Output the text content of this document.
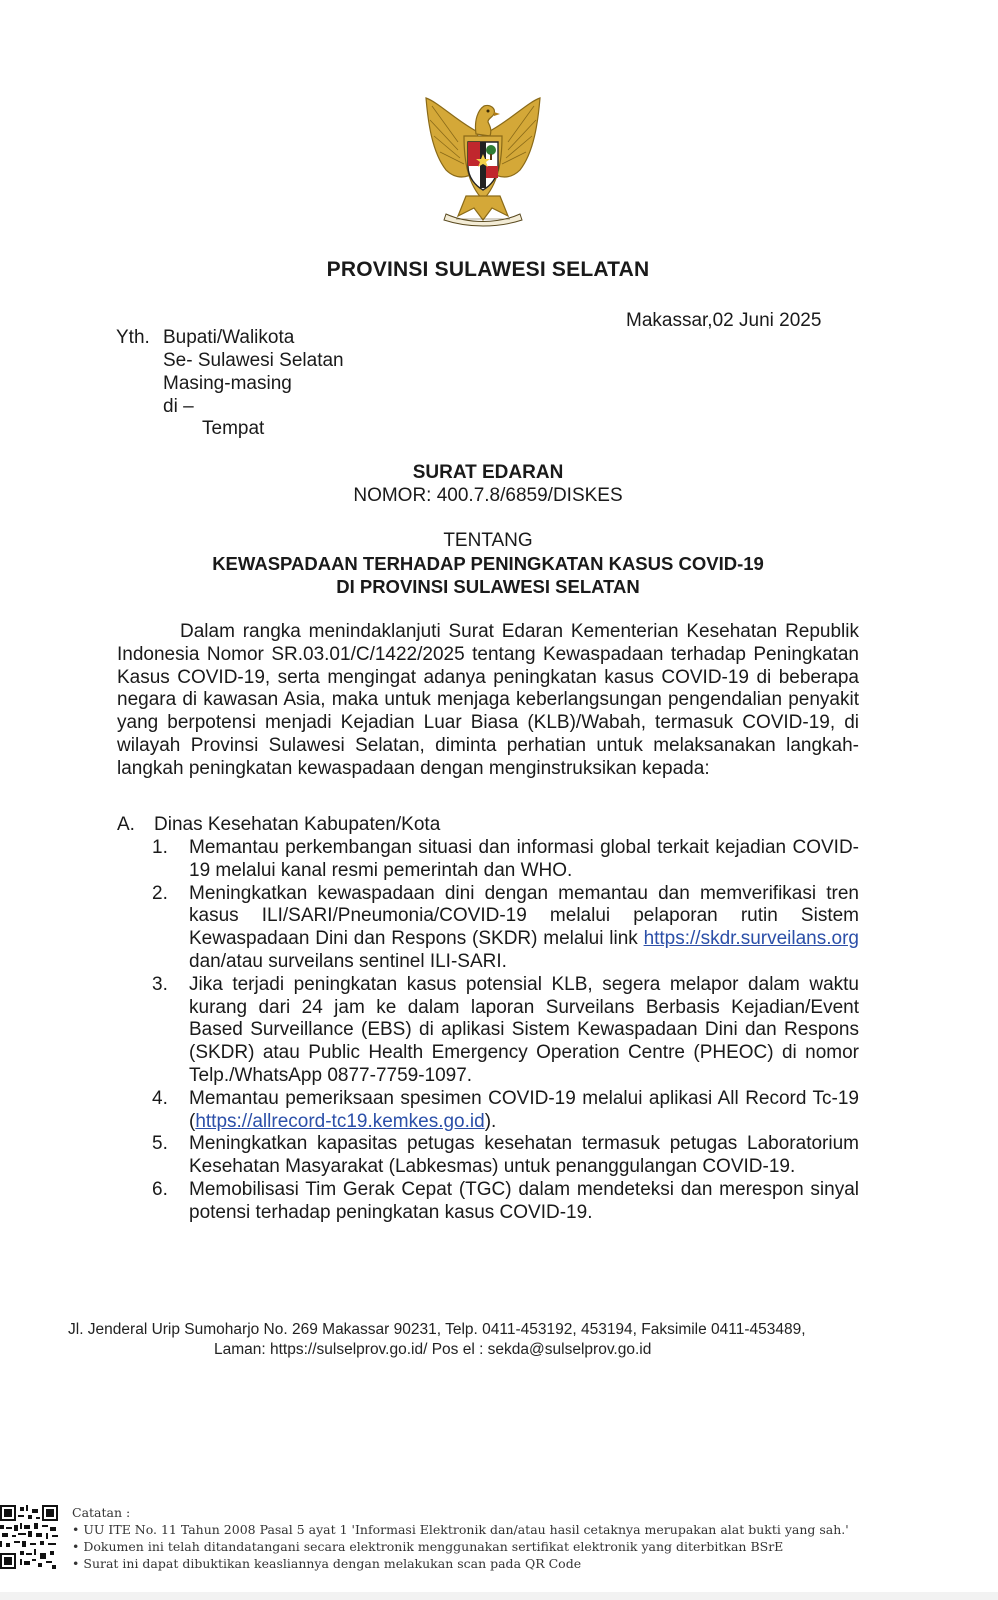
PROVINSI SULAWESI SELATAN
Makassar,02 Juni 2025
Yth. Bupati/Walikota
Se- Sulawesi Selatan
Masing-masing
di –
Tempat
SURAT EDARAN
NOMOR: 400.7.8/6859/DISKES
TENTANG
KEWASPADAAN TERHADAP PENINGKATAN KASUS COVID-19
DI PROVINSI SULAWESI SELATAN

Dalam rangka menindaklanjuti Surat Edaran Kementerian Kesehatan Republik Indonesia Nomor SR.03.01/C/1422/2025 tentang Kewaspadaan terhadap Peningkatan Kasus COVID-19, serta mengingat adanya peningkatan kasus COVID-19 di beberapa negara di kawasan Asia, maka untuk menjaga keberlangsungan pengendalian penyakit yang berpotensi menjadi Kejadian Luar Biasa (KLB)/Wabah, termasuk COVID-19, di wilayah Provinsi Sulawesi Selatan, diminta perhatian untuk melaksanakan langkah-langkah peningkatan kewaspadaan dengan menginstruksikan kepada:

A. Dinas Kesehatan Kabupaten/Kota
1. Memantau perkembangan situasi dan informasi global terkait kejadian COVID-19 melalui kanal resmi pemerintah dan WHO.
2. Meningkatkan kewaspadaan dini dengan memantau dan memverifikasi tren kasus ILI/SARI/Pneumonia/COVID-19 melalui pelaporan rutin Sistem Kewaspadaan Dini dan Respons (SKDR) melalui link https://skdr.surveilans.org dan/atau surveilans sentinel ILI-SARI.
3. Jika terjadi peningkatan kasus potensial KLB, segera melapor dalam waktu kurang dari 24 jam ke dalam laporan Surveilans Berbasis Kejadian/Event Based Surveillance (EBS) di aplikasi Sistem Kewaspadaan Dini dan Respons (SKDR) atau Public Health Emergency Operation Centre (PHEOC) di nomor Telp./WhatsApp 0877-7759-1097.
4. Memantau pemeriksaan spesimen COVID-19 melalui aplikasi All Record Tc-19 (https://allrecord-tc19.kemkes.go.id).
5. Meningkatkan kapasitas petugas kesehatan termasuk petugas Laboratorium Kesehatan Masyarakat (Labkesmas) untuk penanggulangan COVID-19.
6. Memobilisasi Tim Gerak Cepat (TGC) dalam mendeteksi dan merespon sinyal potensi terhadap peningkatan kasus COVID-19.
Jl. Jenderal Urip Sumoharjo No. 269 Makassar 90231, Telp. 0411-453192, 453194, Faksimile 0411-453489,
Laman: https://sulselprov.go.id/ Pos el : sekda@sulselprov.go.id
Catatan :
• UU ITE No. 11 Tahun 2008 Pasal 5 ayat 1 'Informasi Elektronik dan/atau hasil cetaknya merupakan alat bukti yang sah.'
• Dokumen ini telah ditandatangani secara elektronik menggunakan sertifikat elektronik yang diterbitkan BSrE
• Surat ini dapat dibuktikan keasliannya dengan melakukan scan pada QR Code
